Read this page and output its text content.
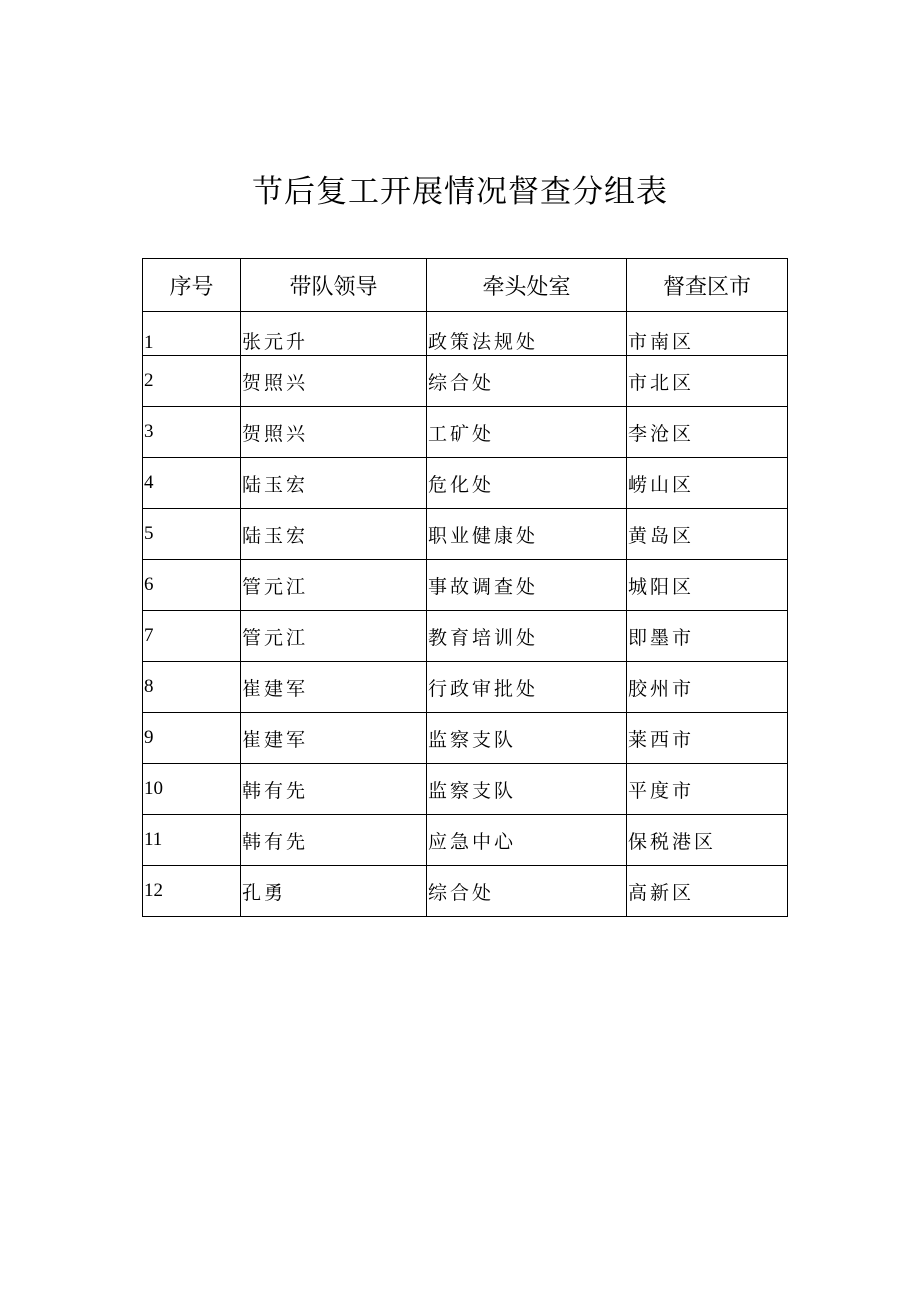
节后复工开展情况督查分组表
序号	带队领导	牵头处室	督查区市
1	张元升	政策法规处	市南区
2	贺照兴	综合处	市北区
3	贺照兴	工矿处	李沧区
4	陆玉宏	危化处	崂山区
5	陆玉宏	职业健康处	黄岛区
6	管元江	事故调查处	城阳区
7	管元江	教育培训处	即墨市
8	崔建军	行政审批处	胶州市
9	崔建军	监察支队	莱西市
10	韩有先	监察支队	平度市
11	韩有先	应急中心	保税港区
12	孔勇	综合处	高新区
